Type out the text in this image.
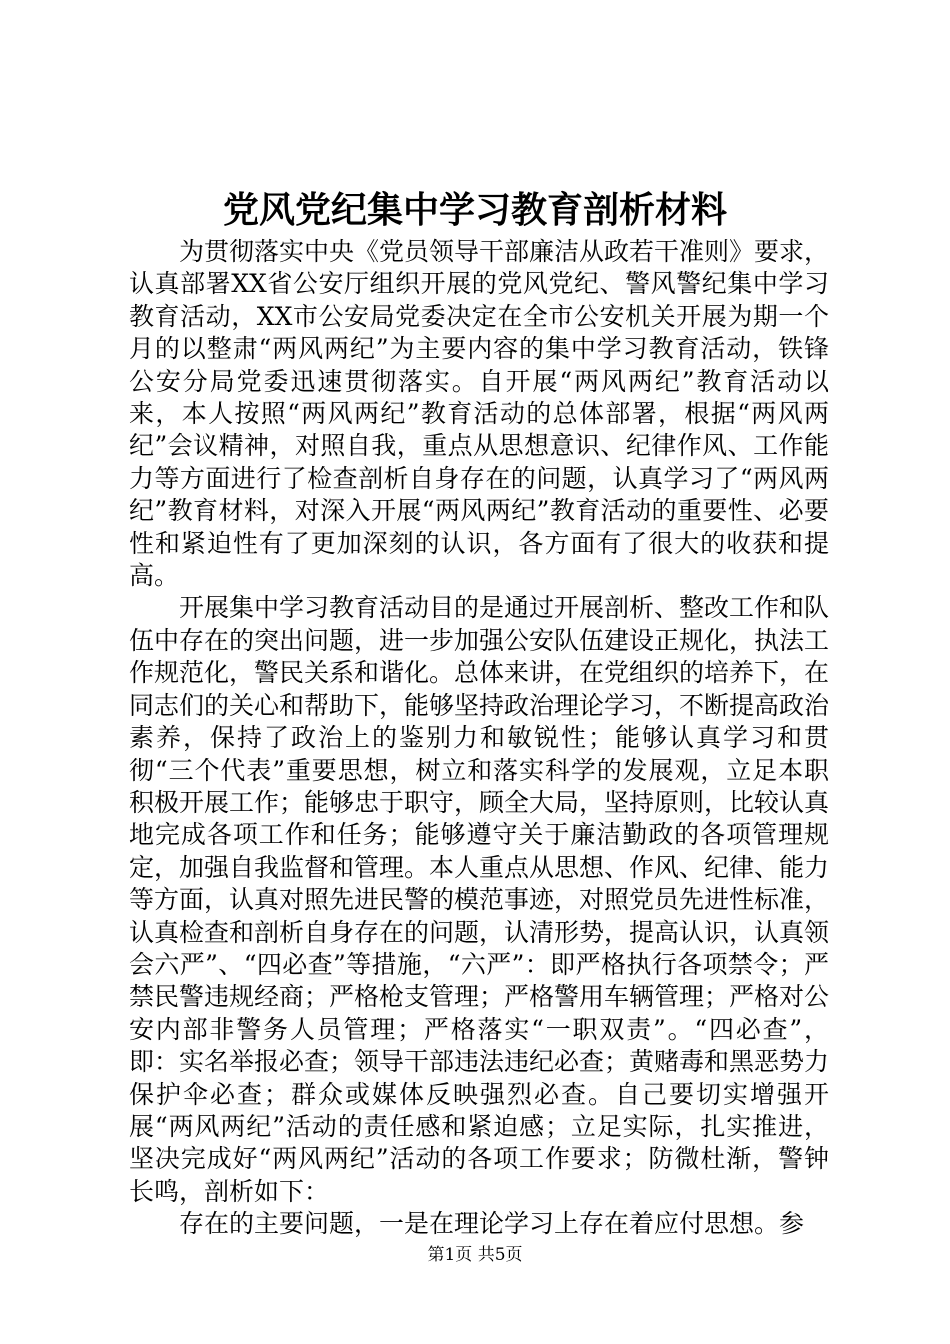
党风党纪集中学习教育剖析材料

为贯彻落实中央《党员领导干部廉洁从政若干准则》要求，认真部署XX省公安厅组织开展的党风党纪、警风警纪集中学习教育活动，XX市公安局党委决定在全市公安机关开展为期一个月的以整肃“两风两纪”为主要内容的集中学习教育活动，铁锋公安分局党委迅速贯彻落实。自开展“两风两纪”教育活动以来，本人按照“两风两纪”教育活动的总体部署，根据“两风两纪”会议精神，对照自我，重点从思想意识、纪律作风、工作能力等方面进行了检查剖析自身存在的问题，认真学习了“两风两纪”教育材料，对深入开展“两风两纪”教育活动的重要性、必要性和紧迫性有了更加深刻的认识，各方面有了很大的收获和提高。

开展集中学习教育活动目的是通过开展剖析、整改工作和队伍中存在的突出问题，进一步加强公安队伍建设正规化，执法工作规范化，警民关系和谐化。总体来讲，在党组织的培养下，在同志们的关心和帮助下，能够坚持政治理论学习，不断提高政治素养，保持了政治上的鉴别力和敏锐性；能够认真学习和贯彻“三个代表”重要思想，树立和落实科学的发展观，立足本职积极开展工作；能够忠于职守，顾全大局，坚持原则，比较认真地完成各项工作和任务；能够遵守关于廉洁勤政的各项管理规定，加强自我监督和管理。本人重点从思想、作风、纪律、能力等方面，认真对照先进民警的模范事迹，对照党员先进性标准，认真检查和剖析自身存在的问题，认清形势，提高认识，认真领会六严”、“四必查”等措施，“六严”：即严格执行各项禁令；严禁民警违规经商；严格枪支管理；严格警用车辆管理；严格对公安内部非警务人员管理；严格落实“一职双责”。“四必查”，即：实名举报必查；领导干部违法违纪必查；黄赌毒和黑恶势力保护伞必查；群众或媒体反映强烈必查。自己要切实增强开展“两风两纪”活动的责任感和紧迫感；立足实际，扎实推进，坚决完成好“两风两纪”活动的各项工作要求；防微杜渐，警钟长鸣，剖析如下：

存在的主要问题，一是在理论学习上存在着应付思想。参

第1页 共5页
